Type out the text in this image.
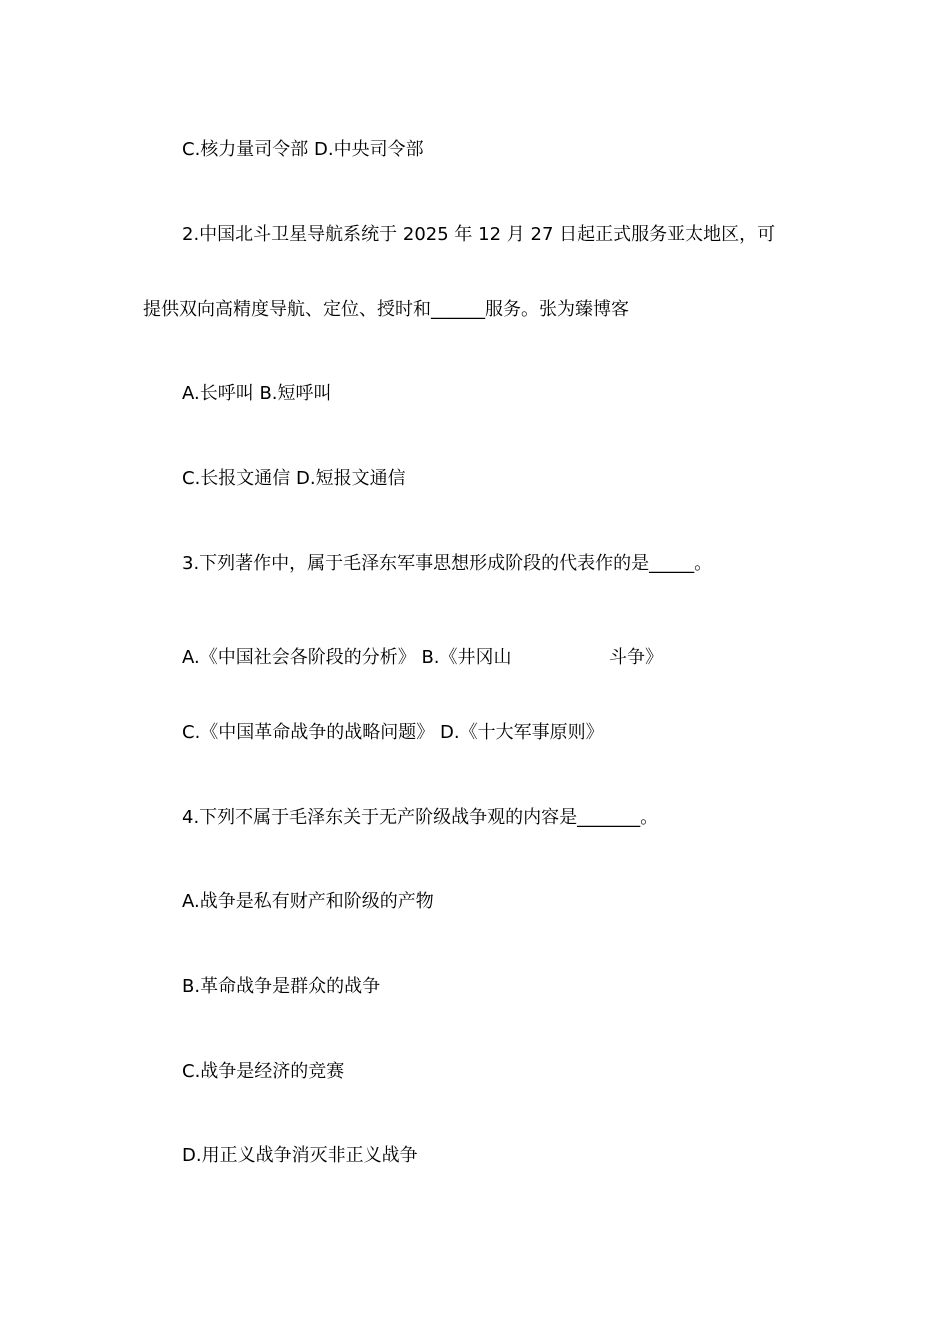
C.核力量司令部 D.中央司令部
2.中国北斗卫星导航系统于 2025 年 12 月 27 日起正式服务亚太地区，可
提供双向高精度导航、定位、授时和______服务。张为臻博客
A.长呼叫 B.短呼叫
C.长报文通信 D.短报文通信
3.下列著作中，属于毛泽东军事思想形成阶段的代表作的是_____。
A.《中国社会各阶段的分析》 B.《井冈山	斗争》
C.《中国革命战争的战略问题》 D.《十大军事原则》
4.下列不属于毛泽东关于无产阶级战争观的内容是_______。
A.战争是私有财产和阶级的产物
B.革命战争是群众的战争
C.战争是经济的竞赛
D.用正义战争消灭非正义战争
